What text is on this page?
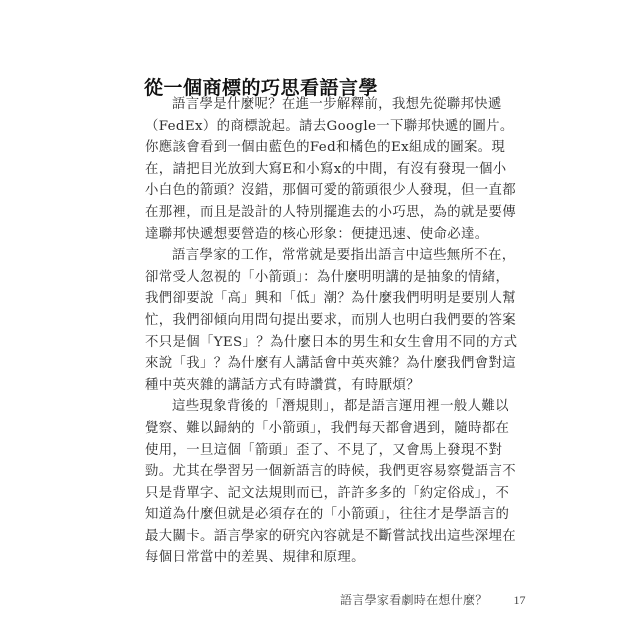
從一個商標的巧思看語言學

語言學是什麼呢？在進一步解釋前，我想先從聯邦快遞
（FedEx）的商標說起。請去Google一下聯邦快遞的圖片。
你應該會看到一個由藍色的Fed和橘色的Ex組成的圖案。現
在，請把目光放到大寫E和小寫x的中間，有沒有發現一個小
小白色的箭頭？沒錯，那個可愛的箭頭很少人發現，但一直都
在那裡，而且是設計的人特別擺進去的小巧思，為的就是要傳
達聯邦快遞想要營造的核心形象：便捷迅速、使命必達。

語言學家的工作，常常就是要指出語言中這些無所不在，
卻常受人忽視的「小箭頭」：為什麼明明講的是抽象的情緒，
我們卻要說「高」興和「低」潮？為什麼我們明明是要別人幫
忙，我們卻傾向用問句提出要求，而別人也明白我們要的答案
不只是個「YES」？為什麼日本的男生和女生會用不同的方式
來說「我」？為什麼有人講話會中英夾雜？為什麼我們會對這
種中英夾雜的講話方式有時讚賞，有時厭煩？

這些現象背後的「潛規則」，都是語言運用裡一般人難以
覺察、難以歸納的「小箭頭」，我們每天都會遇到，隨時都在
使用，一旦這個「箭頭」歪了、不見了，又會馬上發現不對
勁。尤其在學習另一個新語言的時候，我們更容易察覺語言不
只是背單字、記文法規則而已，許許多多的「約定俗成」，不
知道為什麼但就是必須存在的「小箭頭」，往往才是學語言的
最大關卡。語言學家的研究內容就是不斷嘗試找出這些深埋在
每個日常當中的差異、規律和原理。

語言學家看劇時在想什麼？ 17
